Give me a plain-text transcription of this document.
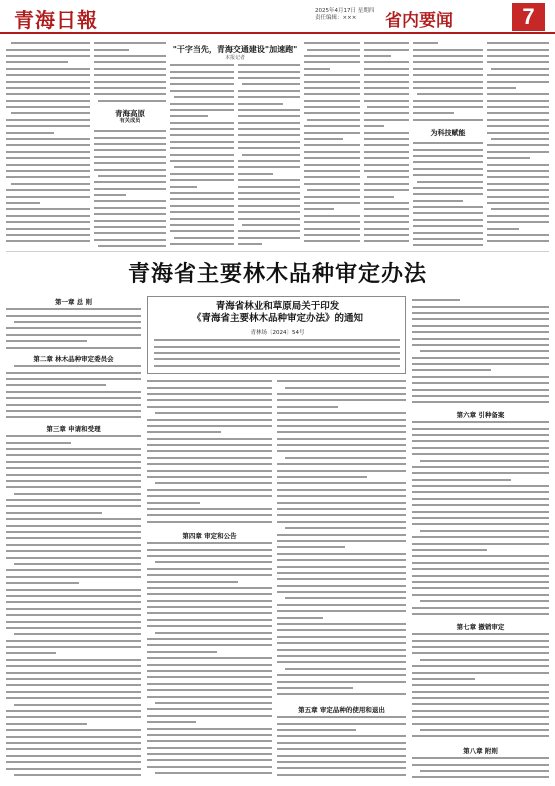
青海日報	2025年4月17日 星期四
责任编辑：×××	省内要闻	7
青海高原
有关成员
"干字当先，青海交通建设"加速跑"
本报记者
为科技赋能
青海省主要林木品种审定办法
第一章 总 则
第二章 林木品种审定委员会
第三章 申请和受理
青海省林业和草原局关于印发
《青海省主要林木品种审定办法》的通知
青林场〔2024〕54号
第四章 审定和公告
第五章 审定品种的使用和退出
第六章 引种备案
第七章 撤销审定
第八章 附则
